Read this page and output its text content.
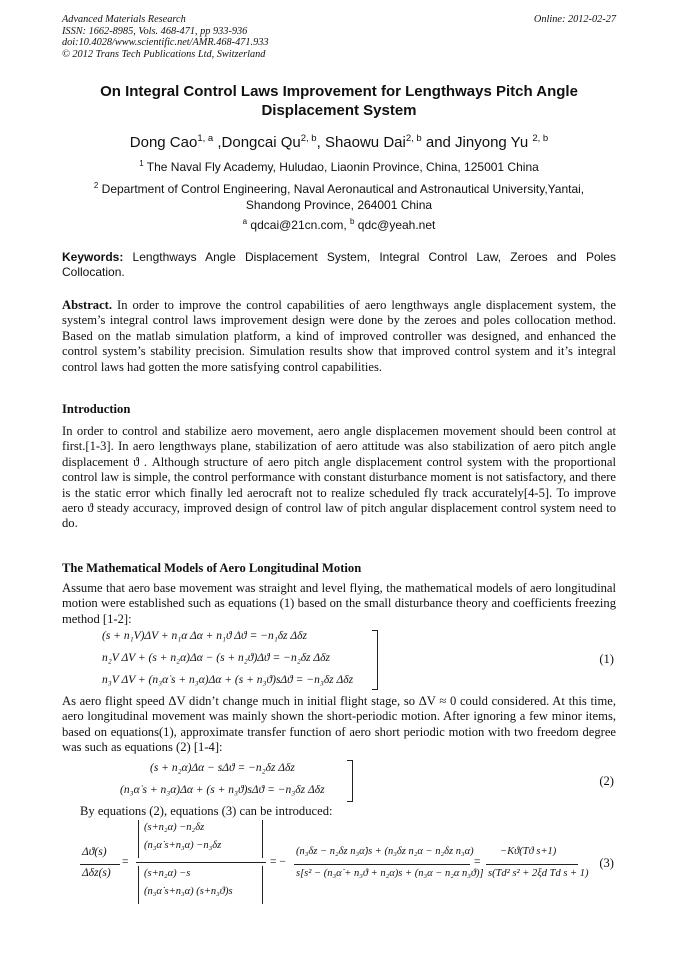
Advanced Materials Research
ISSN: 1662-8985, Vols. 468-471, pp 933-936
doi:10.4028/www.scientific.net/AMR.468-471.933
© 2012 Trans Tech Publications Ltd, Switzerland
Online: 2012-02-27
On Integral Control Laws Improvement for Lengthways Pitch Angle
Displacement System
Dong Cao$^{1, a}$ ,Dongcai Qu$^{2, b}$, Shaowu Dai$^{2, b}$ and Jinyong Yu $^{2, b}$
$^1$ The Naval Fly Academy, Huludao, Liaonin Province, China, 125001 China
$^2$ Department of Control Engineering, Naval Aeronautical and Astronautical University,Yantai,
Shandong Province, 264001 China
$^a$ qdcai@21cn.com, $^b$ qdc@yeah.net
Keywords: Lengthways Angle Displacement System, Integral Control Law, Zeroes and Poles Collocation.
Abstract. In order to improve the control capabilities of aero lengthways angle displacement system, the system’s integral control laws improvement design were done by the zeroes and poles collocation method. Based on the matlab simulation platform, a kind of improved controller was designed, and enhanced the control system’s stability precision. Simulation results show that improved control system and it’s integral control laws had gotten the more satisfying control capabilities.
Introduction
In order to control and stabilize aero movement, aero angle displacemen movement should been control at first.[1-3]. In aero lengthways plane, stabilization of aero attitude was also stabilization of aero pitch angle displacement ϑ . Although structure of aero pitch angle displacement control system with the proportional control law is simple, the control performance with constant disturbance moment is not satisfactory, and there is the static error which finally led aerocraft not to realize scheduled fly track accurately[4-5]. To improve aero ϑ steady accuracy, improved design of control law of pitch angular displacement control system need to do.
The Mathematical Models of Aero Longitudinal Motion
Assume that aero base movement was straight and level flying, the mathematical models of aero longitudinal motion were established such as equations (1) based on the small disturbance theory and coefficients freezing method [1-2]:
(s + n₁V)ΔV + n₁α Δα + n₁ϑ Δϑ = −n₁δz Δδz
n₂V ΔV + (s + n₂α)Δα − (s + n₂ϑ)Δϑ = −n₂δz Δδz
n₃V ΔV + (n₃α̇ s + n₃α)Δα + (s + n₃ϑ)sΔϑ = −n₃δz Δδz
(1)
As aero flight speed ΔV didn’t change much in initial flight stage, so ΔV ≈ 0 could considered. At this time, aero longitudinal movement was mainly shown the short-periodic motion. After ignoring a few minor items, based on equations(1), approximate transfer function of aero short periodic motion with two freedom degree was such as equations (2) [1-4]:
(s + n₂α)Δα − sΔϑ = −n₂δz Δδz
(n₃α̇ s + n₃α)Δα + (s + n₃ϑ)sΔϑ = −n₃δz Δδz
(2)
By equations (2), equations (3) can be introduced:
Δϑ(s)
Δδz(s)
=
(s+n₂α) −n₂δz
(n₃α̇ s+n₃α) −n₃δz
(s+n₂α) −s
(n₃α̇ s+n₃α) (s+n₃ϑ)s
= −
(n₃δz − n₂δz n₃α̇)s + (n₃δz n₂α − n₂δz n₃α)
s[s² − (n₃α̇ + n₃ϑ + n₂α)s + (n₃α − n₂α n₃ϑ)]
=
−Kϑ(Tϑ s+1)
s(Td² s² + 2ξd Td s + 1)
(3)
